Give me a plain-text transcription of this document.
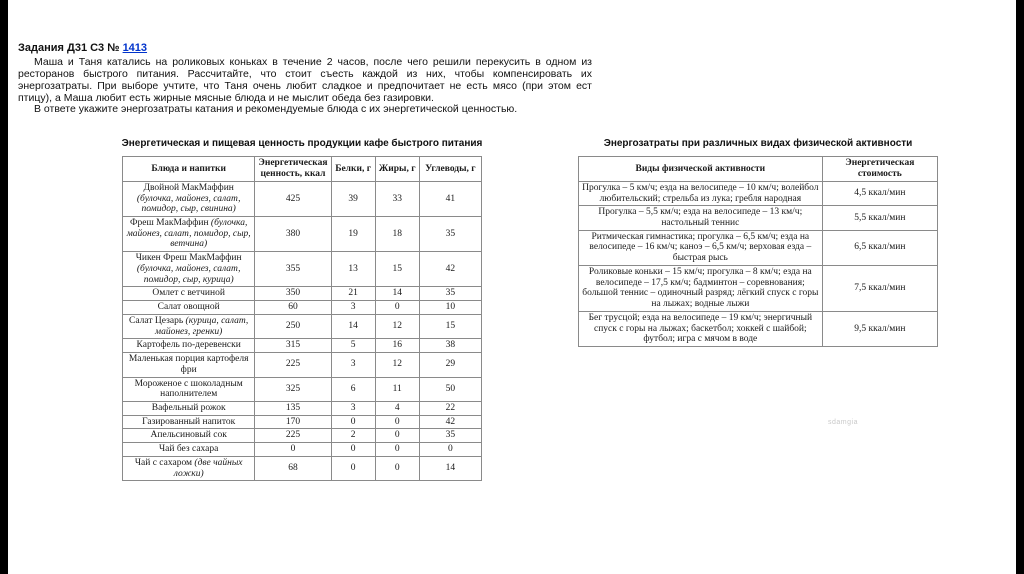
Задания Д31 С3 № 1413

Маша и Таня катались на роликовых коньках в течение 2 часов, после чего решили перекусить в одном из ресторанов быстрого питания. Рассчитайте, что стоит съесть каждой из них, чтобы компенсировать их энергозатраты. При выборе учтите, что Таня очень любит сладкое и предпочитает не есть мясо (при этом ест птицу), а Маша любит есть жирные мясные блюда и не мыслит обеда без газировки.

В ответе укажите энергозатраты катания и рекомендуемые блюда с их энергетической ценностью.

Энергетическая и пищевая ценность продукции кафе быстрого питания
Блюда и напитки	Энергетическая ценность, ккал	Белки, г	Жиры, г	Углеводы, г
Двойной МакМаффин (булочка, майонез, салат, помидор, сыр, свинина)	425	39	33	41
Фреш МакМаффин (булочка, майонез, салат, помидор, сыр, ветчина)	380	19	18	35
Чикен Фреш МакМаффин (булочка, майонез, салат, помидор, сыр, курица)	355	13	15	42
Омлет с ветчиной	350	21	14	35
Салат овощной	60	3	0	10
Салат Цезарь (курица, салат, майонез, гренки)	250	14	12	15
Картофель по-деревенски	315	5	16	38
Маленькая порция картофеля фри	225	3	12	29
Мороженое с шоколадным наполнителем	325	6	11	50
Вафельный рожок	135	3	4	22
Газированный напиток	170	0	0	42
Апельсиновый сок	225	2	0	35
Чай без сахара	0	0	0	0
Чай с сахаром (две чайных ложки)	68	0	0	14
Энергозатраты при различных видах физической активности
Виды физической активности	Энергетическая стоимость
Прогулка – 5 км/ч; езда на велосипеде – 10 км/ч; волейбол любительский; стрельба из лука; гребля народная	4,5 ккал/мин
Прогулка – 5,5 км/ч; езда на велосипеде – 13 км/ч; настольный теннис	5,5 ккал/мин
Ритмическая гимнастика; прогулка – 6,5 км/ч; езда на велосипеде – 16 км/ч; каноэ – 6,5 км/ч; верховая езда – быстрая рысь	6,5 ккал/мин
Роликовые коньки – 15 км/ч; прогулка – 8 км/ч; езда на велосипеде – 17,5 км/ч; бадминтон – соревнования; большой теннис – одиночный разряд; лёгкий спуск с горы на лыжах; водные лыжи	7,5 ккал/мин
Бег трусцой; езда на велосипеде – 19 км/ч; энергичный спуск с горы на лыжах; баскетбол; хоккей с шайбой; футбол; игра с мячом в воде	9,5 ккал/мин
sdamgia
